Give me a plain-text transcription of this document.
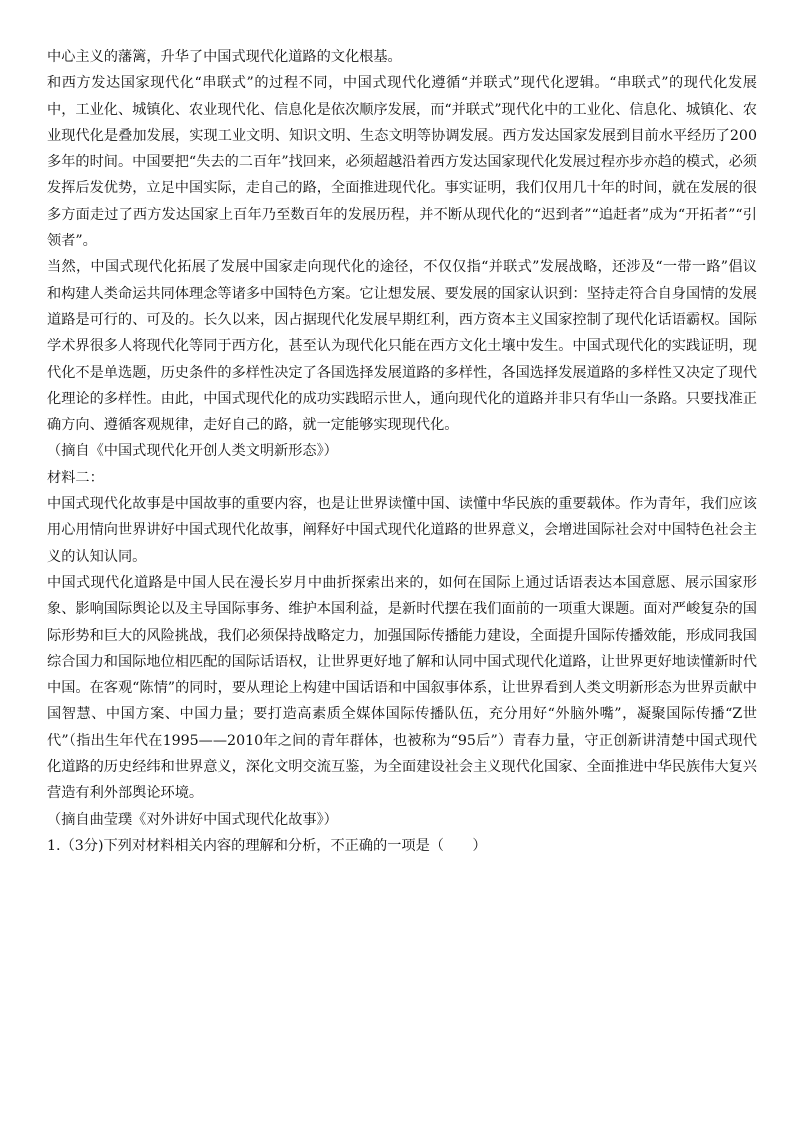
中心主义的藩篱，升华了中国式现代化道路的文化根基。

和西方发达国家现代化“串联式”的过程不同，中国式现代化遵循“并联式”现代化逻辑。“串联式”的现代化发展中，工业化、城镇化、农业现代化、信息化是依次顺序发展，而“并联式”现代化中的工业化、信息化、城镇化、农业现代化是叠加发展，实现工业文明、知识文明、生态文明等协调发展。西方发达国家发展到目前水平经历了200多年的时间。中国要把“失去的二百年”找回来，必须超越沿着西方发达国家现代化发展过程亦步亦趋的模式，必须发挥后发优势，立足中国实际，走自己的路，全面推进现代化。事实证明，我们仅用几十年的时间，就在发展的很多方面走过了西方发达国家上百年乃至数百年的发展历程，并不断从现代化的“迟到者”“追赶者”成为“开拓者”“引领者”。

当然，中国式现代化拓展了发展中国家走向现代化的途径，不仅仅指“并联式”发展战略，还涉及“一带一路”倡议和构建人类命运共同体理念等诸多中国特色方案。它让想发展、要发展的国家认识到：坚持走符合自身国情的发展道路是可行的、可及的。长久以来，因占据现代化发展早期红利，西方资本主义国家控制了现代化话语霸权。国际学术界很多人将现代化等同于西方化，甚至认为现代化只能在西方文化土壤中发生。中国式现代化的实践证明，现代化不是单选题，历史条件的多样性决定了各国选择发展道路的多样性，各国选择发展道路的多样性又决定了现代化理论的多样性。由此，中国式现代化的成功实践昭示世人，通向现代化的道路并非只有华山一条路。只要找准正确方向、遵循客观规律，走好自己的路，就一定能够实现现代化。

（摘自《中国式现代化开创人类文明新形态》）

材料二：

中国式现代化故事是中国故事的重要内容，也是让世界读懂中国、读懂中华民族的重要载体。作为青年，我们应该用心用情向世界讲好中国式现代化故事，阐释好中国式现代化道路的世界意义，会增进国际社会对中国特色社会主义的认知认同。

中国式现代化道路是中国人民在漫长岁月中曲折探索出来的，如何在国际上通过话语表达本国意愿、展示国家形象、影响国际舆论以及主导国际事务、维护本国利益，是新时代摆在我们面前的一项重大课题。面对严峻复杂的国际形势和巨大的风险挑战，我们必须保持战略定力，加强国际传播能力建设，全面提升国际传播效能，形成同我国综合国力和国际地位相匹配的国际话语权，让世界更好地了解和认同中国式现代化道路，让世界更好地读懂新时代中国。在客观“陈情”的同时，要从理论上构建中国话语和中国叙事体系，让世界看到人类文明新形态为世界贡献中国智慧、中国方案、中国力量；要打造高素质全媒体国际传播队伍，充分用好“外脑外嘴”，凝聚国际传播“Z世代”（指出生年代在1995——2010年之间的青年群体，也被称为“95后”）青春力量，守正创新讲清楚中国式现代化道路的历史经纬和世界意义，深化文明交流互鉴，为全面建设社会主义现代化国家、全面推进中华民族伟大复兴营造有利外部舆论环境。

（摘自曲莹璞《对外讲好中国式现代化故事》）

1.（3分)下列对材料相关内容的理解和分析，不正确的一项是（　　）
